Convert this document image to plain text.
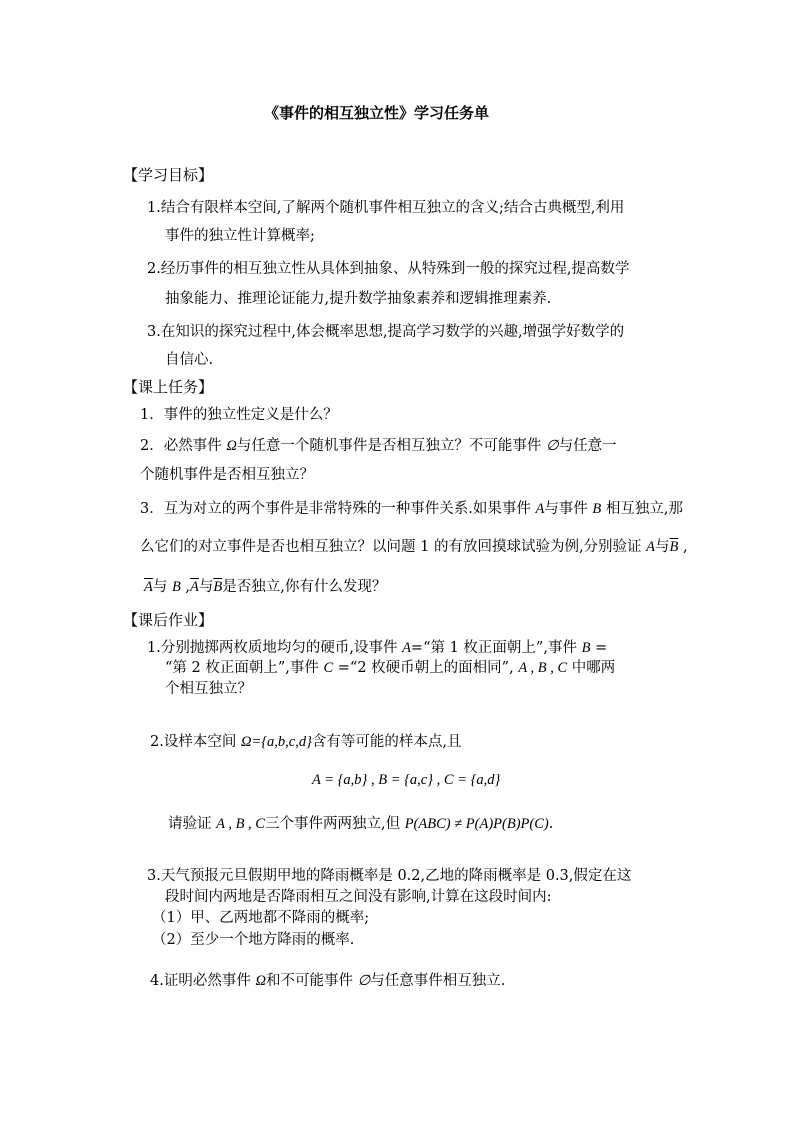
《事件的相互独立性》学习任务单
【学习目标】
1.结合有限样本空间,了解两个随机事件相互独立的含义;结合古典概型,利用
事件的独立性计算概率;
2.经历事件的相互独立性从具体到抽象、从特殊到一般的探究过程,提高数学
抽象能力、推理论证能力,提升数学抽象素养和逻辑推理素养.
3.在知识的探究过程中,体会概率思想,提高学习数学的兴趣,增强学好数学的
自信心.
【课上任务】
1．事件的独立性定义是什么？
2．必然事件 Ω与任意一个随机事件是否相互独立？不可能事件 ∅与任意一
个随机事件是否相互独立？
3．互为对立的两个事件是非常特殊的一种事件关系.如果事件 A与事件 B 相互独立,那
么它们的对立事件是否也相互独立？以问题 1 的有放回摸球试验为例,分别验证 A与$\overline{B}$ ,
$\overline{A}$与 B $,\overline{A}$与$\overline{B}$是否独立,你有什么发现？
【课后作业】
1.分别抛掷两枚质地均匀的硬币,设事件 A=“第 1 枚正面朝上”,事件 B =
“第 2 枚正面朝上”,事件 C =“2 枚硬币朝上的面相同”, A , B , C 中哪两
个相互独立？
2.设样本空间 Ω={a,b,c,d}含有等可能的样本点,且
A = {a,b} , B = {a,c} , C = {a,d}
请验证 A , B , C三个事件两两独立,但 P(ABC) ≠ P(A)P(B)P(C).
3.天气预报元旦假期甲地的降雨概率是 0.2,乙地的降雨概率是 0.3,假定在这
段时间内两地是否降雨相互之间没有影响,计算在这段时间内:
（1）甲、乙两地都不降雨的概率;
（2）至少一个地方降雨的概率.
4.证明必然事件 Ω和不可能事件 ∅与任意事件相互独立.
